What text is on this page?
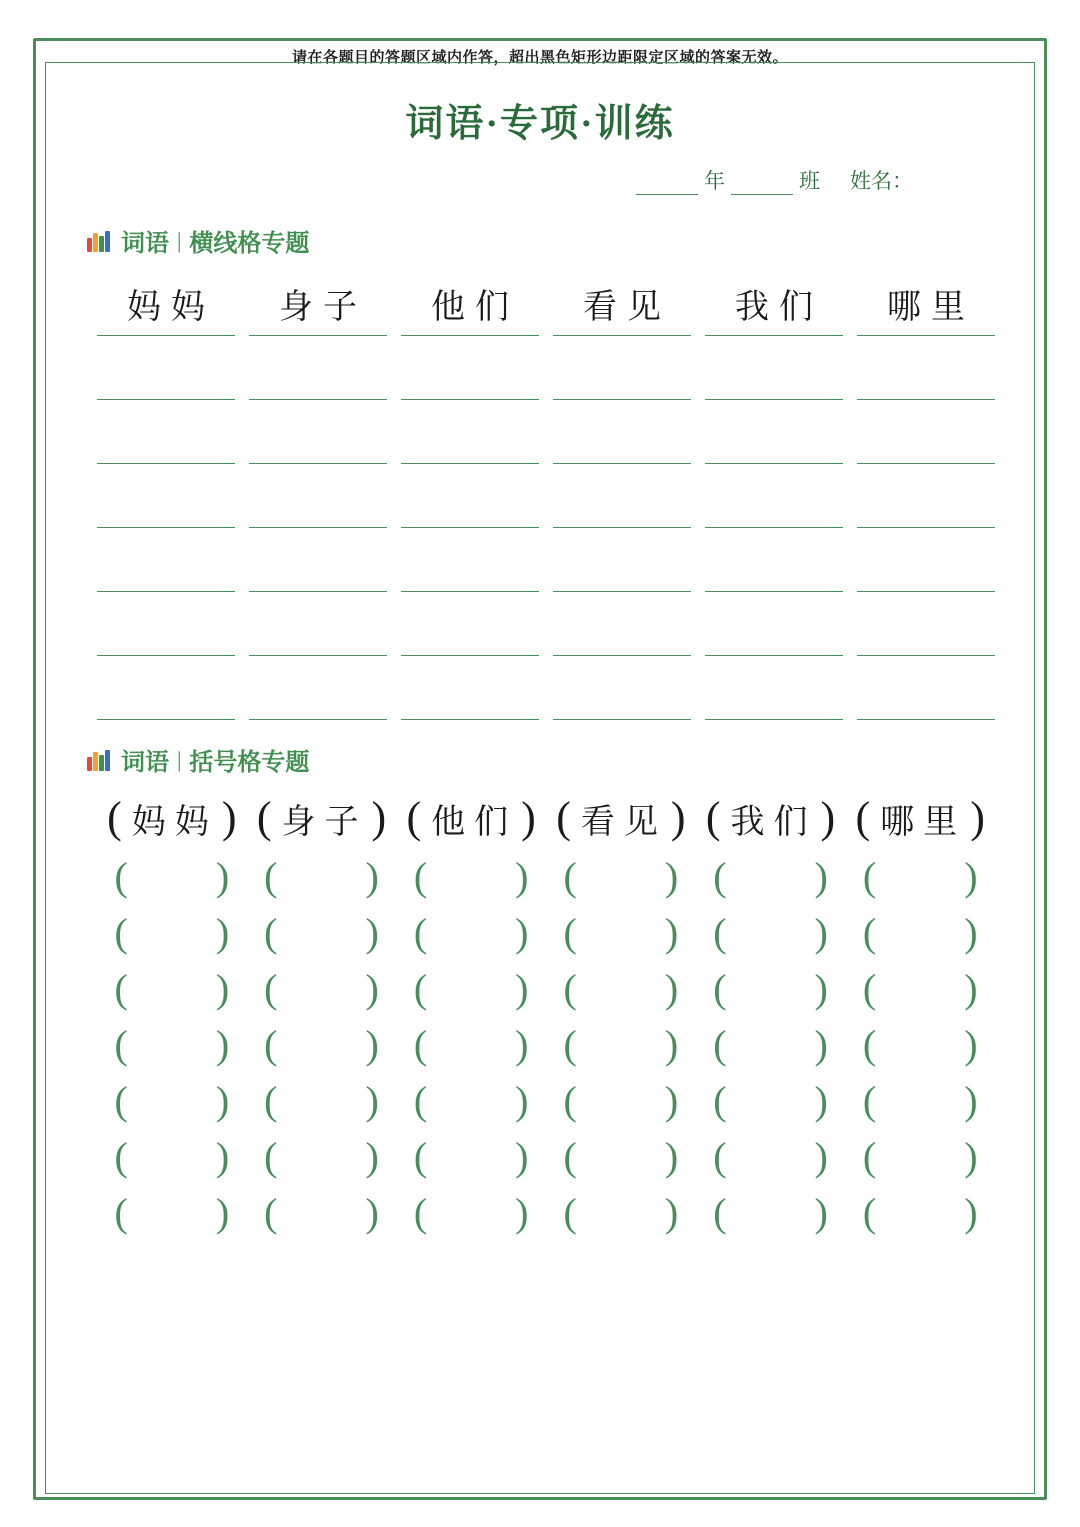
请在各题目的答题区域内作答，超出黑色矩形边距限定区域的答案无效。
词语·专项·训练
年	班 姓名：
词语 | 横线格专题
妈妈 身子 他们 看见 我们 哪里
词语 | 括号格专题
( 妈妈 ) ( 身子 ) ( 他们 ) ( 看见 ) ( 我们 ) ( 哪里 )
( ) ( ) ( ) ( ) ( ) ( )
( ) ( ) ( ) ( ) ( ) ( )
( ) ( ) ( ) ( ) ( ) ( )
( ) ( ) ( ) ( ) ( ) ( )
( ) ( ) ( ) ( ) ( ) ( )
( ) ( ) ( ) ( ) ( ) ( )
( ) ( ) ( ) ( ) ( ) ( )
